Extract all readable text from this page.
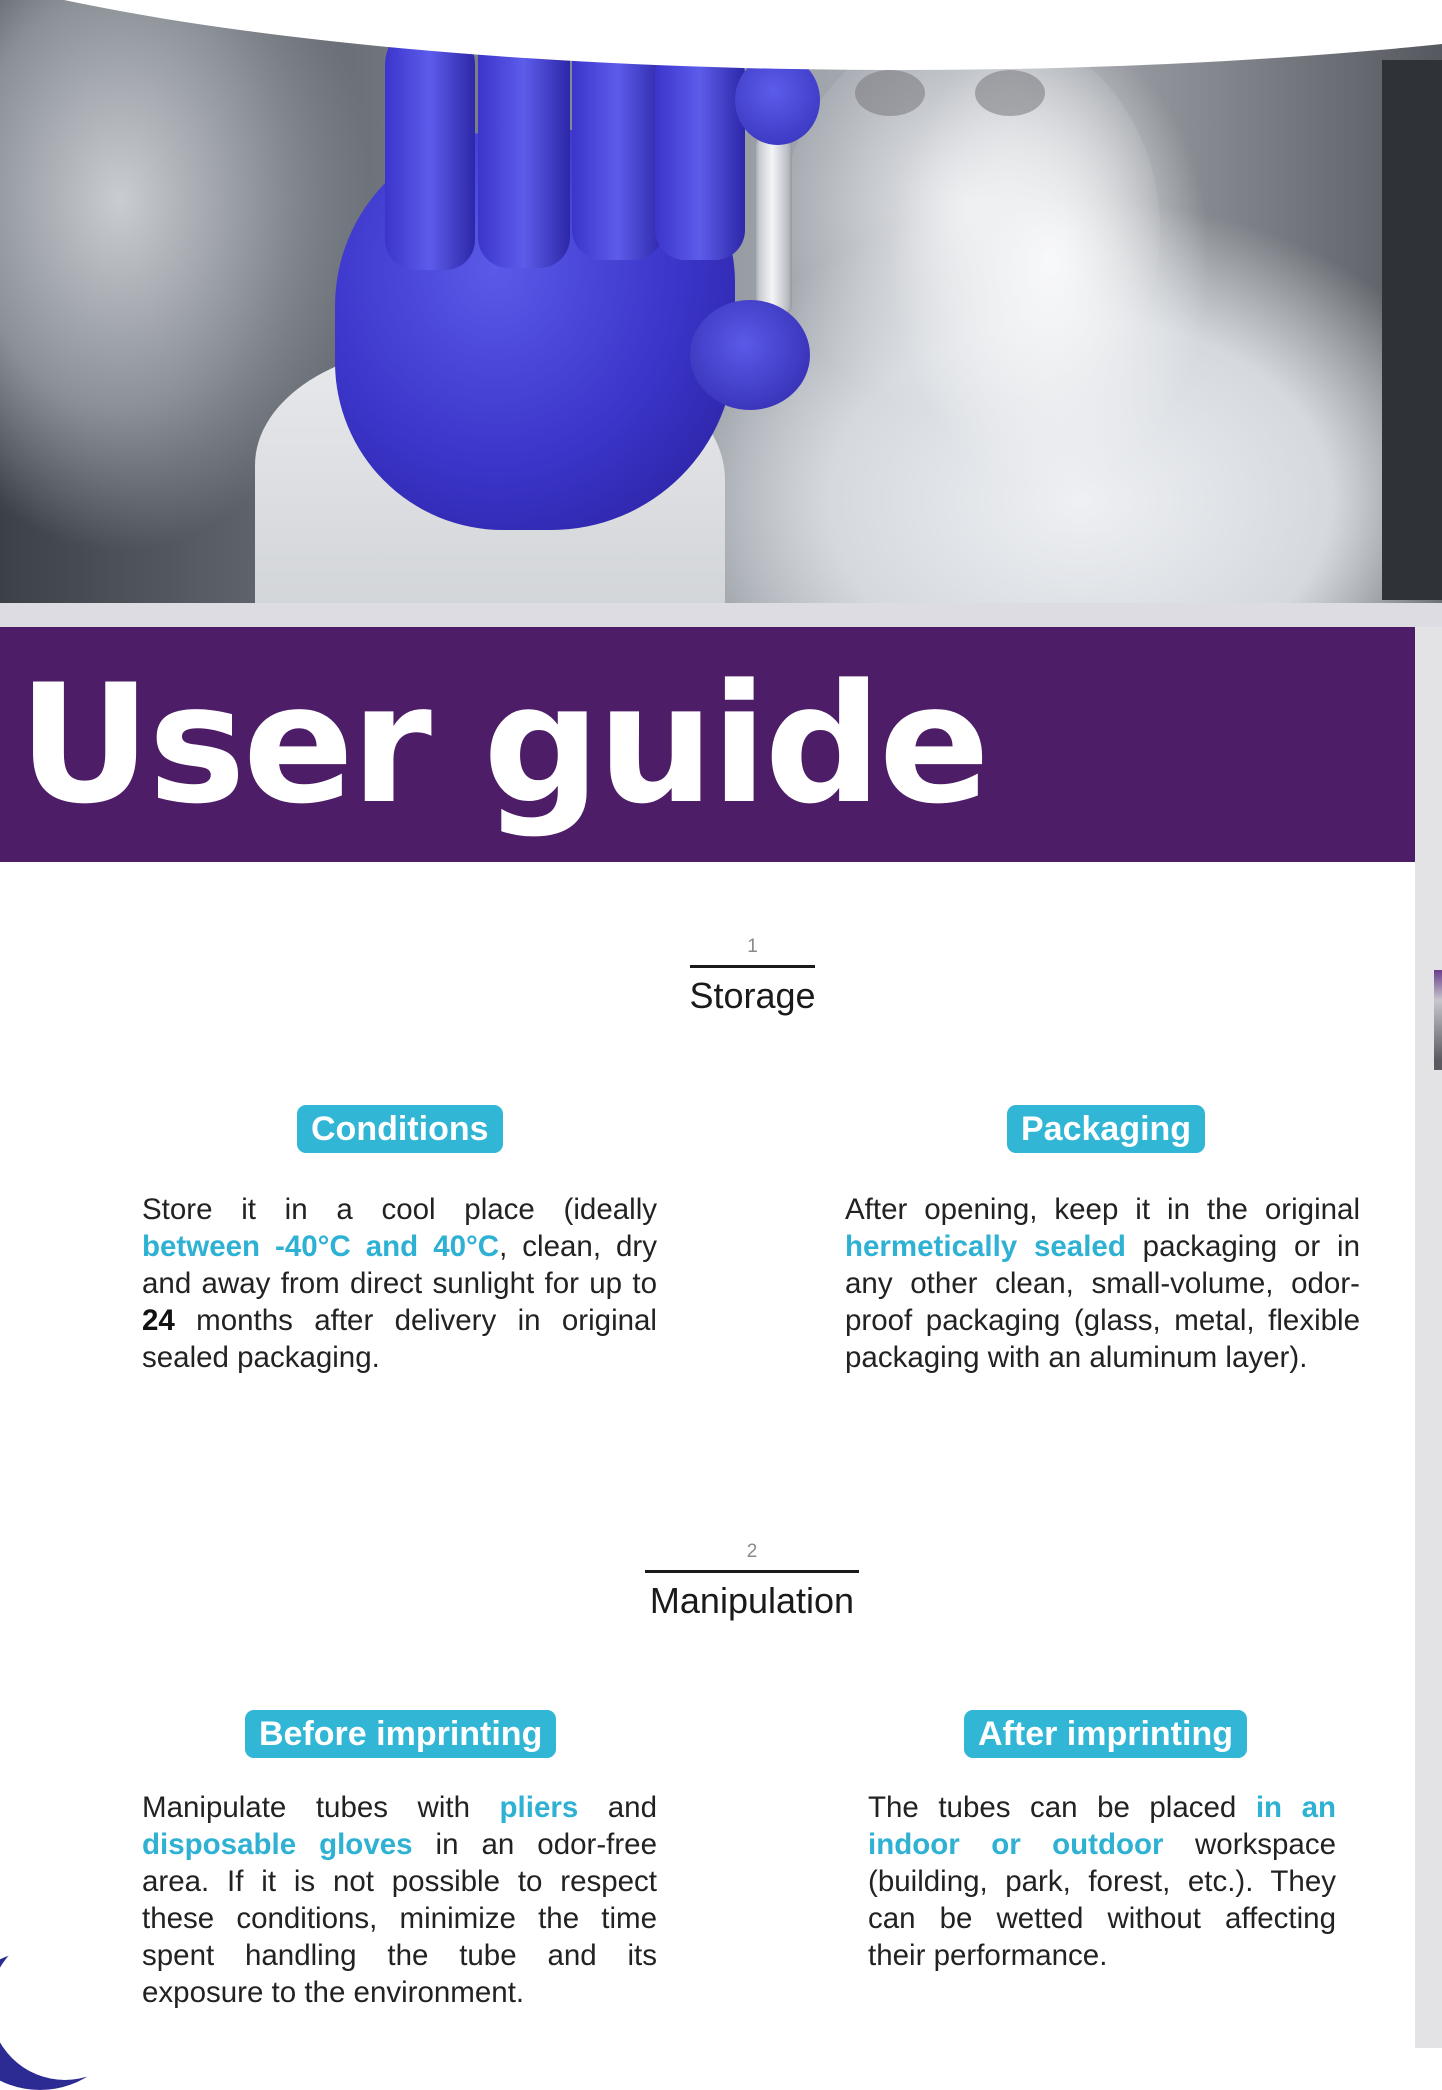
User guide
1
Storage
Conditions
Store it in a cool place (ideally between -40°C and 40°C, clean, dry and away from direct sunlight for up to 24 months after delivery in original sealed packaging.
Packaging
After opening, keep it in the original hermetically sealed packaging or in any other clean, small-volume, odor-proof packaging (glass, metal, flexible packaging with an aluminum layer).
2
Manipulation
Before imprinting
Manipulate tubes with pliers and disposable gloves in an odor-free area. If it is not possible to respect these conditions, minimize the time spent handling the tube and its exposure to the environment.
After imprinting
The tubes can be placed in an indoor or outdoor workspace (building, park, forest, etc.). They can be wetted without affecting their performance.
